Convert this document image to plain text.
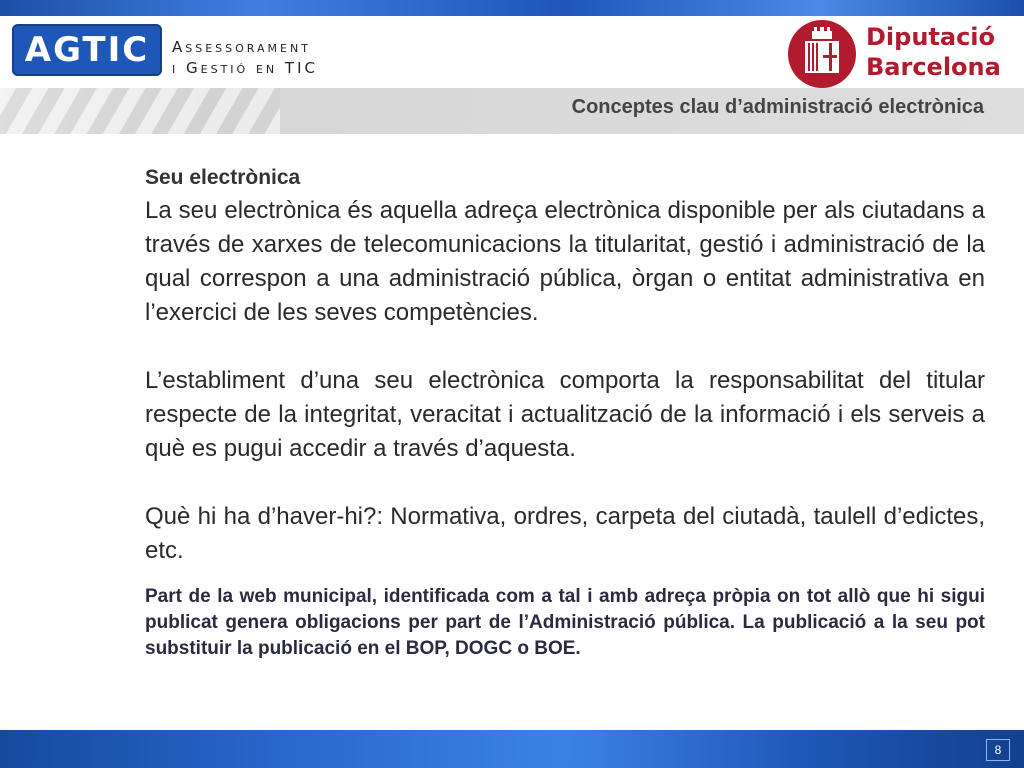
AGTIC	Assessorament
i Gestió en TIC
Diputació
Barcelona
Conceptes clau d’administració electrònica
Seu electrònica

La seu electrònica és aquella adreça electrònica disponible per als ciutadans a través de xarxes de telecomunicacions la titularitat, gestió i administració de la qual correspon a una administració pública, òrgan o entitat administrativa en l’exercici de les seves competències.

L’establiment d’una seu electrònica comporta la responsabilitat del titular respecte de la integritat, veracitat i actualització de la informació i els serveis a què es pugui accedir a través d’aquesta.

Què hi ha d’haver-hi?: Normativa, ordres, carpeta del ciutadà, taulell d’edictes, etc.

Part de la web municipal, identificada com a tal i amb adreça pròpia on tot allò que hi sigui publicat genera obligacions per part de l’Administració pública. La publicació a la seu pot substituir la publicació en el BOP, DOGC o BOE.

8
